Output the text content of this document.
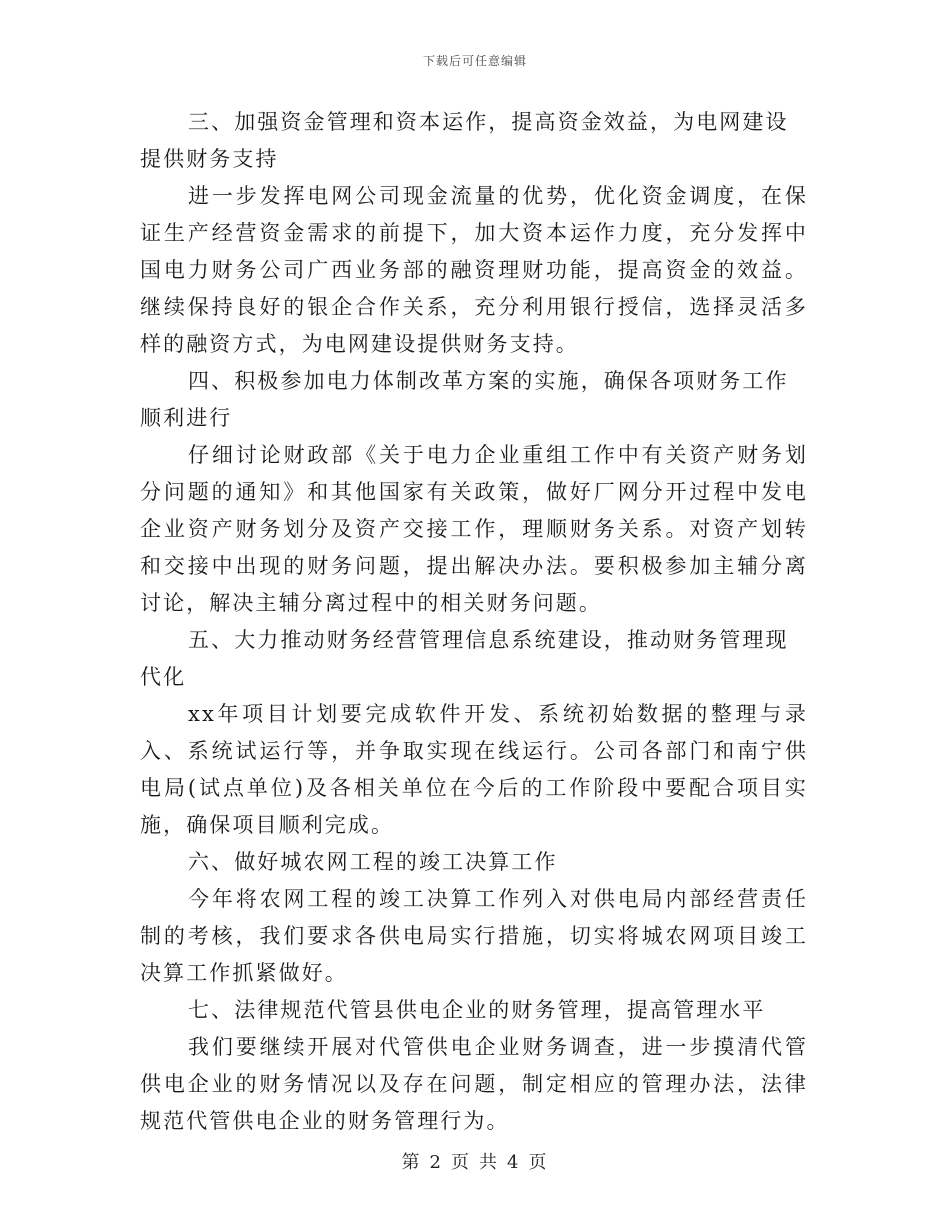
下载后可任意编辑

三、加强资金管理和资本运作，提高资金效益，为电网建设提供财务支持

进一步发挥电网公司现金流量的优势，优化资金调度，在保证生产经营资金需求的前提下，加大资本运作力度，充分发挥中国电力财务公司广西业务部的融资理财功能，提高资金的效益。继续保持良好的银企合作关系，充分利用银行授信，选择灵活多样的融资方式，为电网建设提供财务支持。

四、积极参加电力体制改革方案的实施，确保各项财务工作顺利进行

仔细讨论财政部《关于电力企业重组工作中有关资产财务划分问题的通知》和其他国家有关政策，做好厂网分开过程中发电企业资产财务划分及资产交接工作，理顺财务关系。对资产划转和交接中出现的财务问题，提出解决办法。要积极参加主辅分离讨论，解决主辅分离过程中的相关财务问题。

五、大力推动财务经营管理信息系统建设，推动财务管理现代化

xx年项目计划要完成软件开发、系统初始数据的整理与录入、系统试运行等，并争取实现在线运行。公司各部门和南宁供电局(试点单位)及各相关单位在今后的工作阶段中要配合项目实施，确保项目顺利完成。

六、做好城农网工程的竣工决算工作

今年将农网工程的竣工决算工作列入对供电局内部经营责任制的考核，我们要求各供电局实行措施，切实将城农网项目竣工决算工作抓紧做好。

七、法律规范代管县供电企业的财务管理，提高管理水平

我们要继续开展对代管供电企业财务调查，进一步摸清代管供电企业的财务情况以及存在问题，制定相应的管理办法，法律规范代管供电企业的财务管理行为。

第 2 页 共 4 页
